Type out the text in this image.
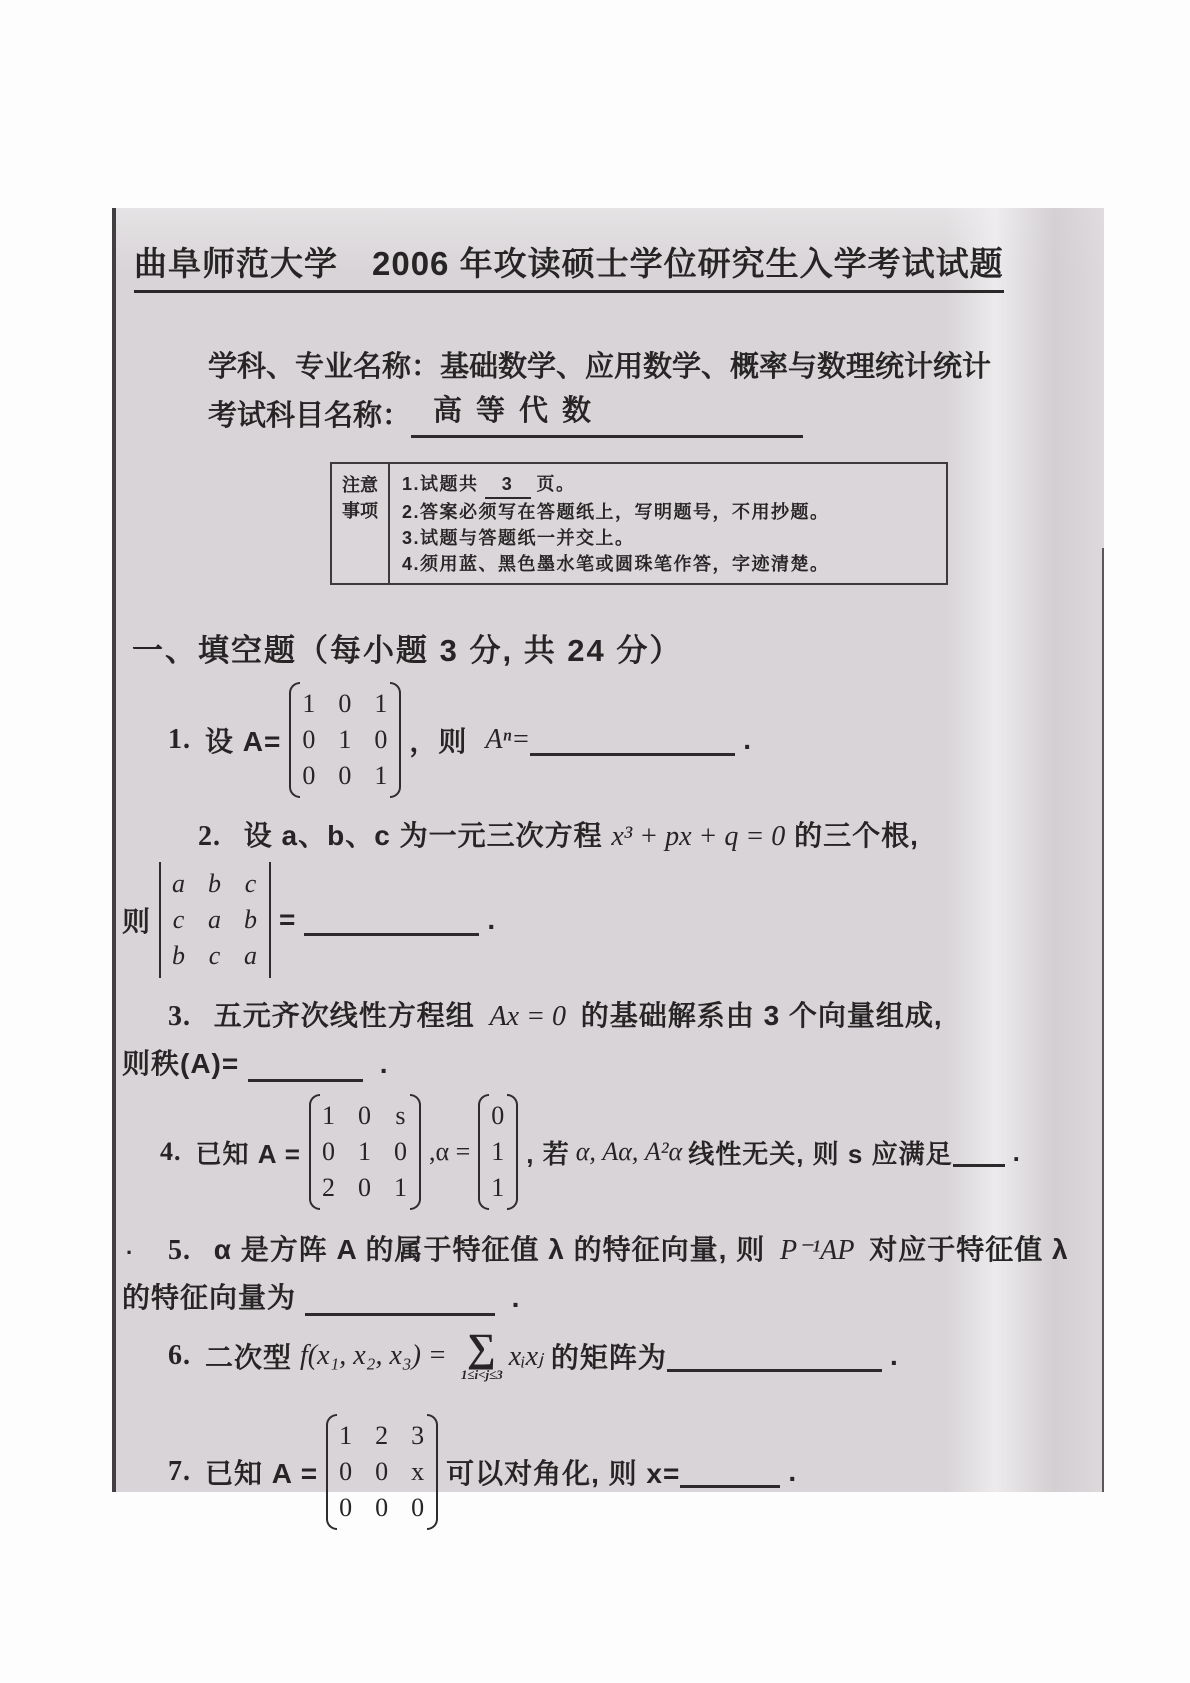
曲阜师范大学　2006 年攻读硕士学位研究生入学考试试题
学科、专业名称：基础数学、应用数学、概率与数理统计统计
考试科目名称： 高等代数
注意事项
1.试题共 3 页。
2.答案必须写在答题纸上，写明题号，不用抄题。
3.试题与答题纸一并交上。
4.须用蓝、黑色墨水笔或圆珠笔作答，字迹清楚。
一、填空题（每小题 3 分, 共 24 分）
1. 设 A=
1 0 1
0 1 0
0 0 1
，则 Aⁿ=	.
2. 设 a、b、c 为一元三次方程 x³ + px + q = 0 的三个根,
则
a b c
c a b
b c a
=	.
3. 五元齐次线性方程组 Ax = 0 的基础解系由 3 个向量组成,
则秩(A)=	.
4. 已知 A =
1 0 s
0 1 0
2 0 1
,α =
0
1
1
, 若 α, Aα, A²α 线性无关, 则 s 应满足 .
5. α 是方阵 A 的属于特征值 λ 的特征向量, 则 P⁻¹AP 对应于特征值 λ
的特征向量为	.
6. 二次型 f(x₁, x₂, x₃) = ∑
1≤i<j≤3
xᵢxⱼ 的矩阵为	.
7. 已知 A =
1 2 3
0 0 x
0 0 0
可以对角化, 则 x=	.
·
